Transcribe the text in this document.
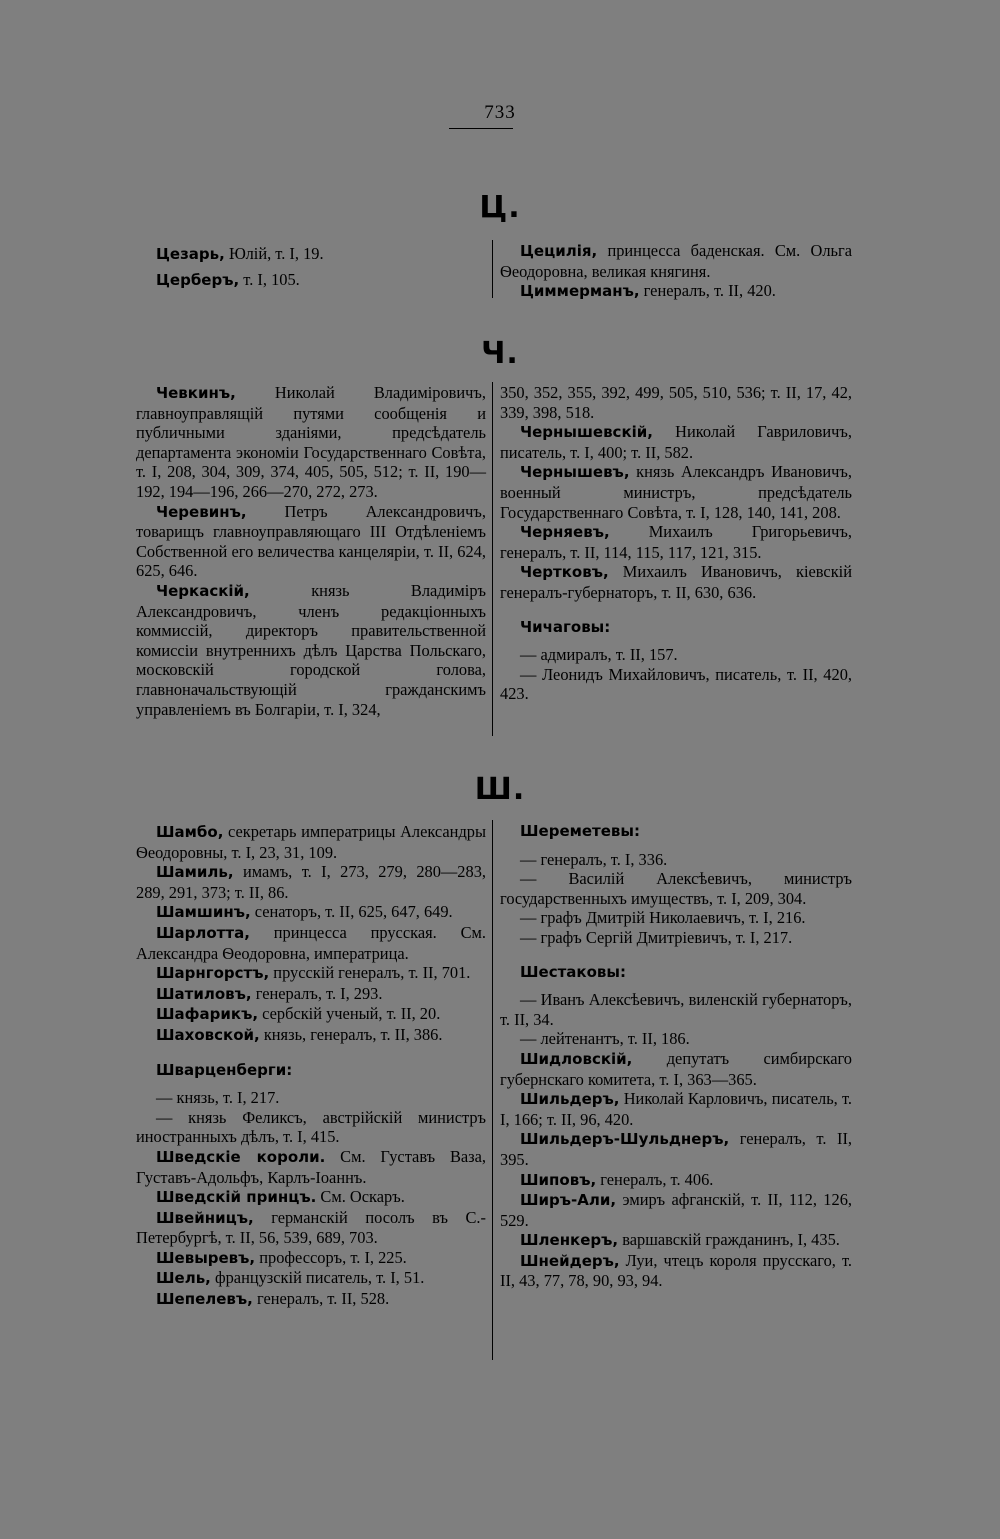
733
Ц.

Цезарь, Юлій, т. I, 19.

Церберъ, т. I, 105.

Цецилія, принцесса баденская. См. Ольга Ѳеодоровна, великая княгиня.

Циммерманъ, генералъ, т. II, 420.

Ч.

Чевкинъ, Николай Владиміровичъ, главноуправлящій путями сообщенія и публичными зданіями, предсѣдатель департамента экономіи Государственнаго Совѣта, т. I, 208, 304, 309, 374, 405, 505, 512; т. II, 190—192, 194—196, 266—270, 272, 273.

Черевинъ, Петръ Александровичъ, товарищъ главноуправляющаго III Отдѣленіемъ Собственной его величества канцеляріи, т. II, 624, 625, 646.

Черкаскій, князь Владиміръ Александровичъ, членъ редакціонныхъ коммиссій, директоръ правительственной комиссіи внутреннихъ дѣлъ Царства Польскаго, московскій городской голова, главноначальствующій гражданскимъ управленіемъ въ Болгаріи, т. I, 324,

350, 352, 355, 392, 499, 505, 510, 536; т. II, 17, 42, 339, 398, 518.

Чернышевскій, Николай Гавриловичъ, писатель, т. I, 400; т. II, 582.

Чернышевъ, князь Александръ Ивановичъ, военный министръ, предсѣдатель Государственнаго Совѣта, т. I, 128, 140, 141, 208.

Черняевъ, Михаилъ Григорьевичъ, генералъ, т. II, 114, 115, 117, 121, 315.

Чертковъ, Михаилъ Ивановичъ, кіевскій генералъ-губернаторъ, т. II, 630, 636.

Чичаговы:

— адмиралъ, т. II, 157.

— Леонидъ Михайловичъ, писатель, т. II, 420, 423.

Ш.

Шамбо, секретарь императрицы Александры Ѳеодоровны, т. I, 23, 31, 109.

Шамиль, имамъ, т. I, 273, 279, 280—283, 289, 291, 373; т. II, 86.

Шамшинъ, сенаторъ, т. II, 625, 647, 649.

Шарлотта, принцесса прусская. См. Александра Ѳеодоровна, императрица.

Шарнгорстъ, прусскій генералъ, т. II, 701.

Шатиловъ, генералъ, т. I, 293.

Шафарикъ, сербскій ученый, т. II, 20.

Шаховской, князь, генералъ, т. II, 386.

Шварценберги:

— князь, т. I, 217.

— князь Феликсъ, австрійскій министръ иностранныхъ дѣлъ, т. I, 415.

Шведскіе короли. См. Густавъ Ваза, Густавъ-Адольфъ, Карлъ-Іоаннъ.

Шведскій принцъ. См. Оскаръ.

Швейницъ, германскій посолъ въ С.-Петербургѣ, т. II, 56, 539, 689, 703.

Шевыревъ, профессоръ, т. I, 225.

Шель, французскій писатель, т. I, 51.

Шепелевъ, генералъ, т. II, 528.

Шереметевы:

— генералъ, т. I, 336.

— Василій Алексѣевичъ, министръ государственныхъ имуществъ, т. I, 209, 304.

— графъ Дмитрій Николаевичъ, т. I, 216.

— графъ Сергій Дмитріевичъ, т. I, 217.

Шестаковы:

— Иванъ Алексѣевичъ, виленскій губернаторъ, т. II, 34.

— лейтенантъ, т. II, 186.

Шидловскій, депутатъ симбирскаго губернскаго комитета, т. I, 363—365.

Шильдеръ, Николай Карловичъ, писатель, т. I, 166; т. II, 96, 420.

Шильдеръ-Шульднеръ, генералъ, т. II, 395.

Шиповъ, генералъ, т. 406.

Ширъ-Али, эмиръ афганскій, т. II, 112, 126, 529.

Шленкеръ, варшавскій гражданинъ, I, 435.

Шнейдеръ, Луи, чтецъ короля прусскаго, т. II, 43, 77, 78, 90, 93, 94.
